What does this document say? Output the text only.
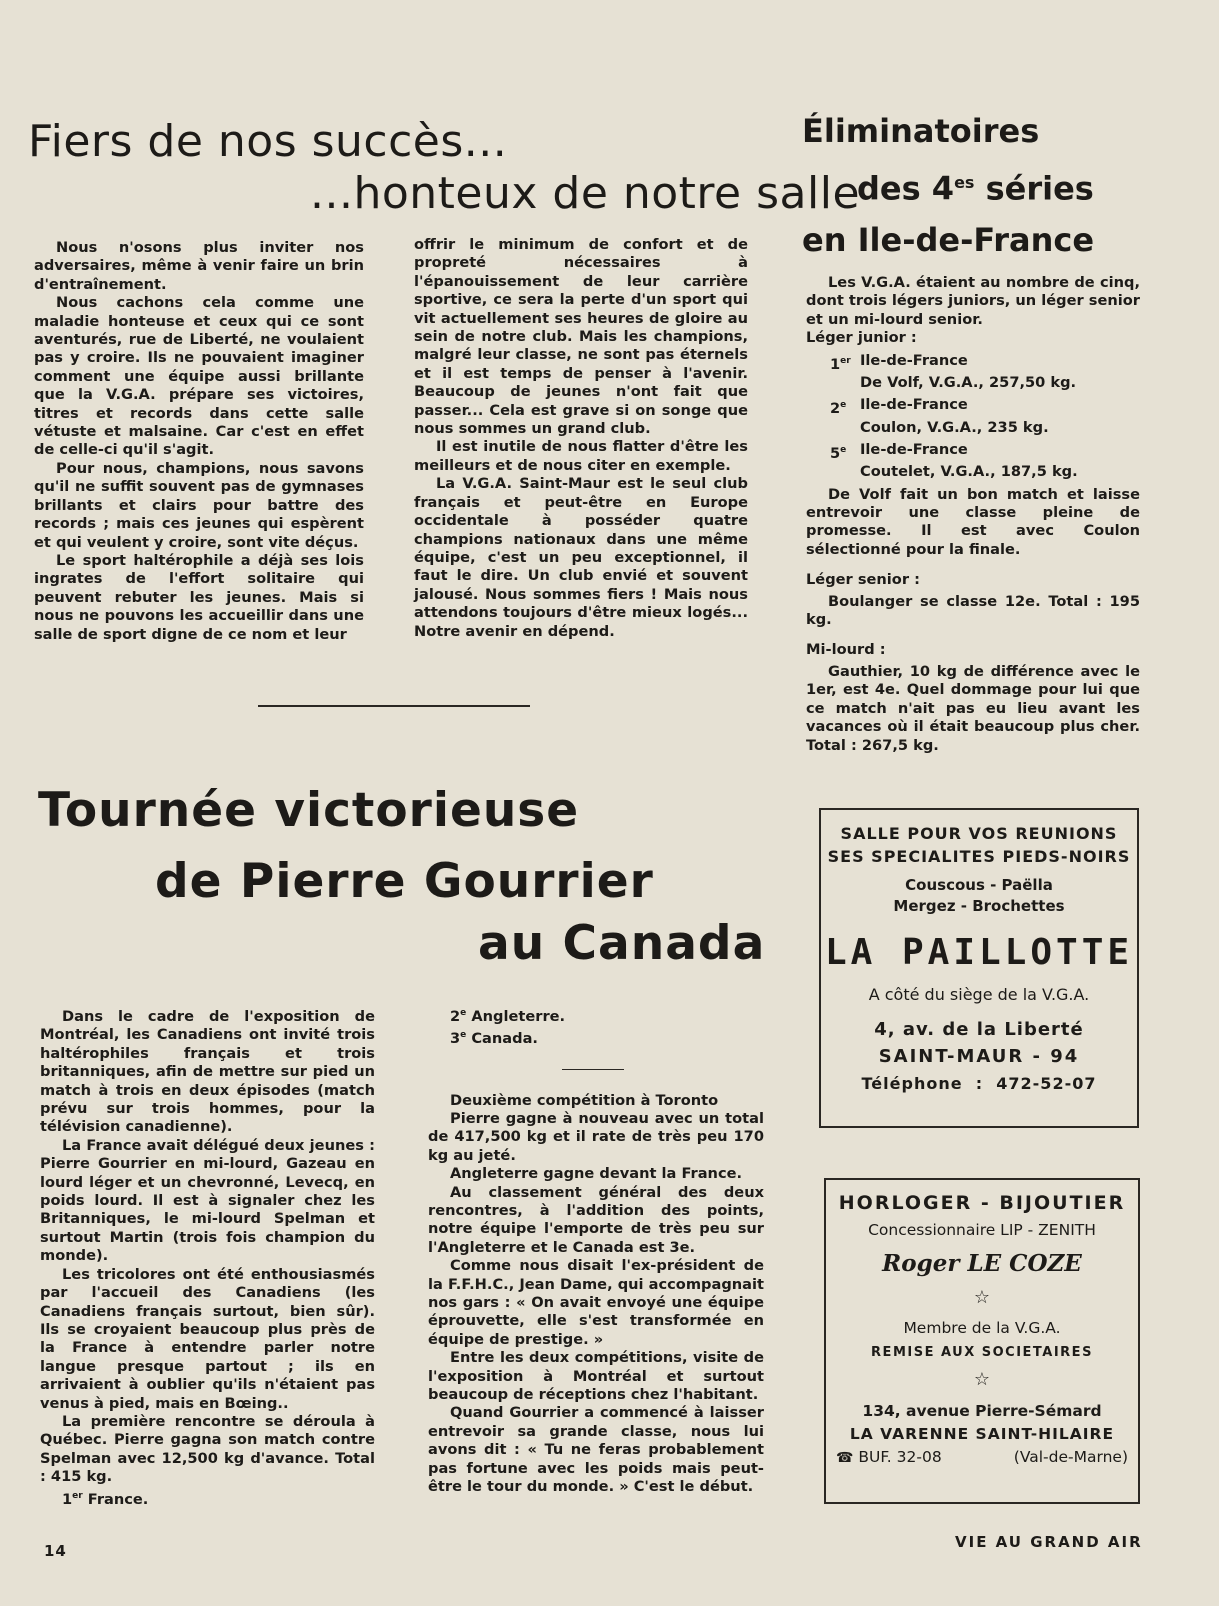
Fiers de nos succès...
...honteux de notre salle

Nous n'osons plus inviter nos adversaires, même à venir faire un brin d'entraînement.

Nous cachons cela comme une maladie honteuse et ceux qui ce sont aventurés, rue de Liberté, ne voulaient pas y croire. Ils ne pouvaient imaginer comment une équipe aussi brillante que la V.G.A. prépare ses victoires, titres et records dans cette salle vétuste et malsaine. Car c'est en effet de celle-ci qu'il s'agit.

Pour nous, champions, nous savons qu'il ne suffit souvent pas de gymnases brillants et clairs pour battre des records ; mais ces jeunes qui espèrent et qui veulent y croire, sont vite déçus.

Le sport haltérophile a déjà ses lois ingrates de l'effort solitaire qui peuvent rebuter les jeunes. Mais si nous ne pouvons les accueillir dans une salle de sport digne de ce nom et leur

offrir le minimum de confort et de propreté nécessaires à l'épanouissement de leur carrière sportive, ce sera la perte d'un sport qui vit actuellement ses heures de gloire au sein de notre club. Mais les champions, malgré leur classe, ne sont pas éternels et il est temps de penser à l'avenir. Beaucoup de jeunes n'ont fait que passer... Cela est grave si on songe que nous sommes un grand club.

Il est inutile de nous flatter d'être les meilleurs et de nous citer en exemple.

La V.G.A. Saint-Maur est le seul club français et peut-être en Europe occidentale à posséder quatre champions nationaux dans une même équipe, c'est un peu exceptionnel, il faut le dire. Un club envié et souvent jalousé. Nous sommes fiers ! Mais nous attendons toujours d'être mieux logés... Notre avenir en dépend.

Éliminatoires
des $4^{es}$ séries
en Ile-de-France

Les V.G.A. étaient au nombre de cinq, dont trois légers juniors, un léger senior et un mi-lourd senior.

Léger junior :

1er Ile-de-France
De Volf, V.G.A., 257,50 kg.
2e Ile-de-France
Coulon, V.G.A., 235 kg.
5e Ile-de-France
Coutelet, V.G.A., 187,5 kg.

De Volf fait un bon match et laisse entrevoir une classe pleine de promesse. Il est avec Coulon sélectionné pour la finale.

Léger senior :

Boulanger se classe 12e. Total : 195 kg.

Mi-lourd :

Gauthier, 10 kg de différence avec le 1er, est 4e. Quel dommage pour lui que ce match n'ait pas eu lieu avant les vacances où il était beaucoup plus cher. Total : 267,5 kg.

Tournée victorieuse
de Pierre Gourrier
au Canada

Dans le cadre de l'exposition de Montréal, les Canadiens ont invité trois haltérophiles français et trois britanniques, afin de mettre sur pied un match à trois en deux épisodes (match prévu sur trois hommes, pour la télévision canadienne).

La France avait délégué deux jeunes : Pierre Gourrier en mi-lourd, Gazeau en lourd léger et un chevronné, Levecq, en poids lourd. Il est à signaler chez les Britanniques, le mi-lourd Spelman et surtout Martin (trois fois champion du monde).

Les tricolores ont été enthousiasmés par l'accueil des Canadiens (les Canadiens français surtout, bien sûr). Ils se croyaient beaucoup plus près de la France à entendre parler notre langue presque partout ; ils en arrivaient à oublier qu'ils n'étaient pas venus à pied, mais en Bœing..

La première rencontre se déroula à Québec. Pierre gagna son match contre Spelman avec 12,500 kg d'avance. Total : 415 kg.

1er France.

2e Angleterre.

3e Canada.

Deuxième compétition à Toronto

Pierre gagne à nouveau avec un total de 417,500 kg et il rate de très peu 170 kg au jeté.

Angleterre gagne devant la France.

Au classement général des deux rencontres, à l'addition des points, notre équipe l'emporte de très peu sur l'Angleterre et le Canada est 3e.

Comme nous disait l'ex-président de la F.F.H.C., Jean Dame, qui accompagnait nos gars : « On avait envoyé une équipe éprouvette, elle s'est transformée en équipe de prestige. »

Entre les deux compétitions, visite de l'exposition à Montréal et surtout beaucoup de réceptions chez l'habitant.

Quand Gourrier a commencé à laisser entrevoir sa grande classe, nous lui avons dit : « Tu ne feras probablement pas fortune avec les poids mais peut-être le tour du monde. » C'est le début.

SALLE POUR VOS REUNIONS
SES SPECIALITES PIEDS-NOIRS
Couscous - Paëlla
Mergez - Brochettes
LA PAILLOTTE
A côté du siège de la V.G.A.
4, av. de la Liberté
SAINT-MAUR - 94
Téléphone : 472-52-07
HORLOGER - BIJOUTIER
Concessionnaire LIP - ZENITH
Roger LE COZE
☆
Membre de la V.G.A.
REMISE AUX SOCIETAIRES
☆
134, avenue Pierre-Sémard
LA VARENNE SAINT-HILAIRE
☎ BUF. 32-08	(Val-de-Marne)
14	VIE AU GRAND AIR
